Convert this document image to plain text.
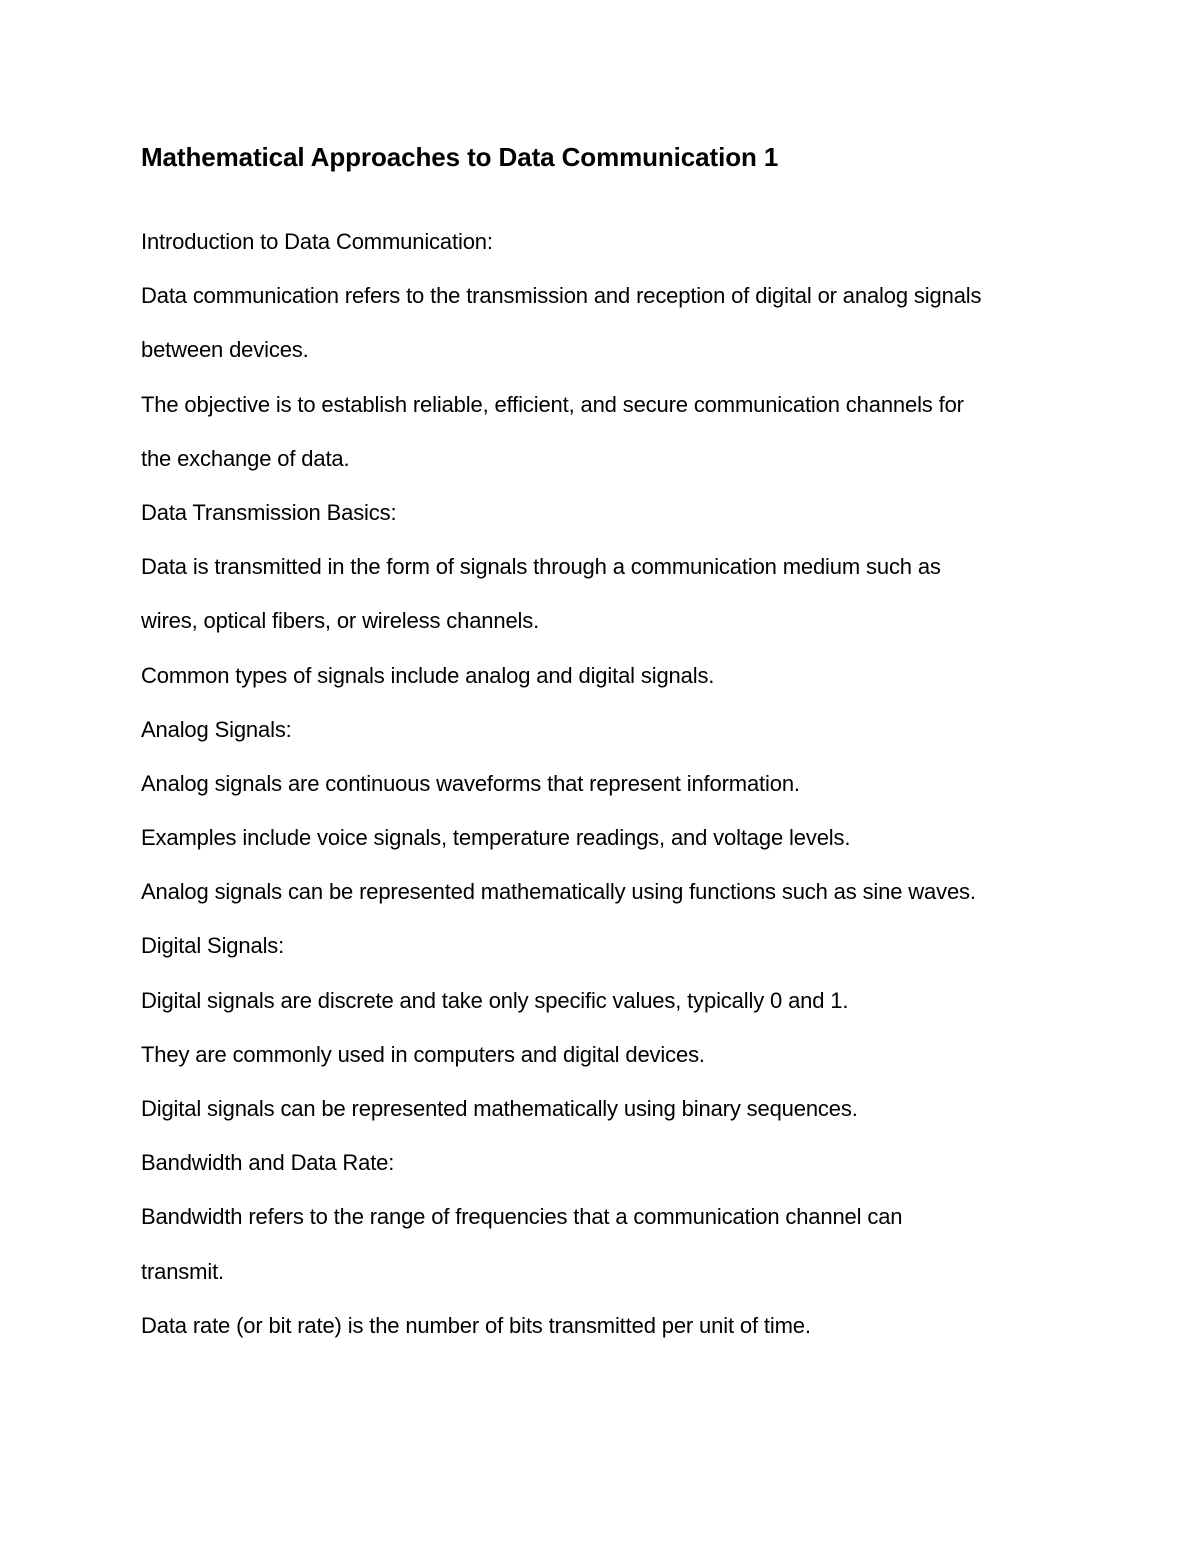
Mathematical Approaches to Data Communication 1
Introduction to Data Communication:
Data communication refers to the transmission and reception of digital or analog signals
between devices.
The objective is to establish reliable, efficient, and secure communication channels for
the exchange of data.
Data Transmission Basics:
Data is transmitted in the form of signals through a communication medium such as
wires, optical fibers, or wireless channels.
Common types of signals include analog and digital signals.
Analog Signals:
Analog signals are continuous waveforms that represent information.
Examples include voice signals, temperature readings, and voltage levels.
Analog signals can be represented mathematically using functions such as sine waves.
Digital Signals:
Digital signals are discrete and take only specific values, typically 0 and 1.
They are commonly used in computers and digital devices.
Digital signals can be represented mathematically using binary sequences.
Bandwidth and Data Rate:
Bandwidth refers to the range of frequencies that a communication channel can
transmit.
Data rate (or bit rate) is the number of bits transmitted per unit of time.
